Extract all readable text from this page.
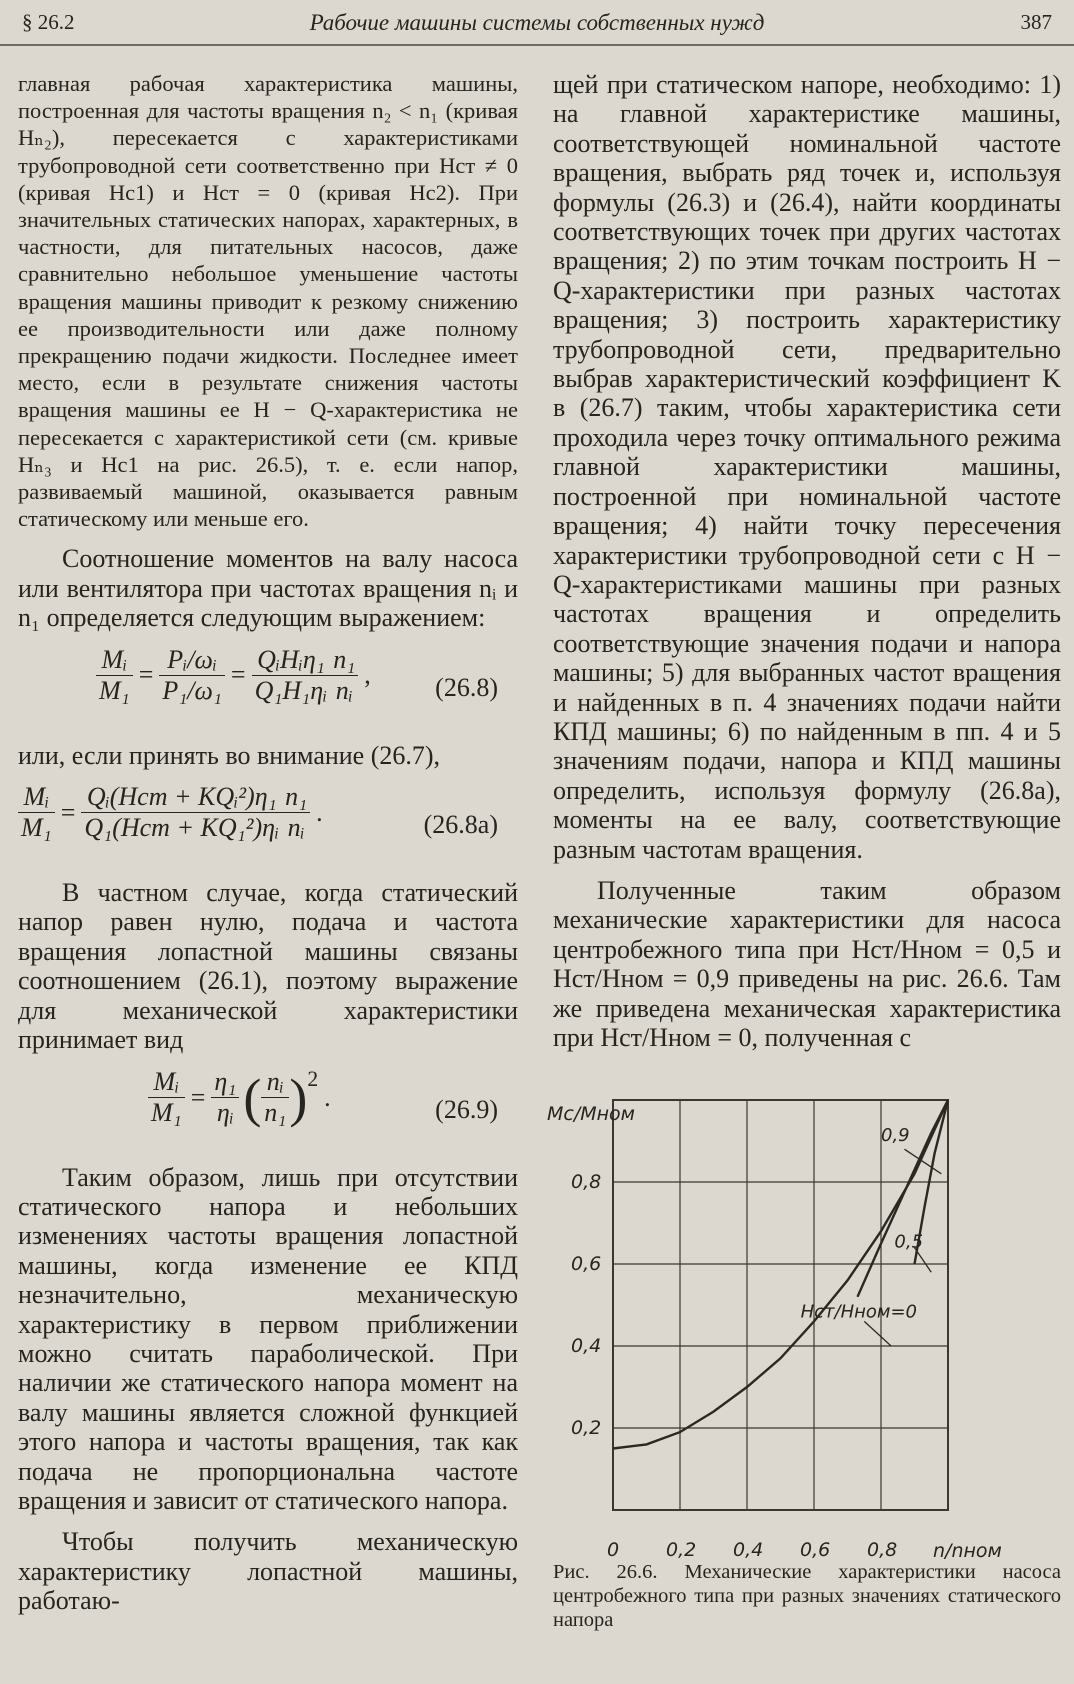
§ 26.2	Рабочие машины системы собственных нужд	387

главная рабочая характеристика машины, построенная для частоты вращения n₂ < n₁ (кривая Hₙ₂), пересекается с характеристиками трубопроводной сети соответственно при Hст ≠ 0 (кривая Hс1) и Hст = 0 (кривая Hс2). При значительных статических напорах, характерных, в частности, для питательных насосов, даже сравнительно небольшое уменьшение частоты вращения машины приводит к резкому снижению ее производительности или даже полному прекращению подачи жидкости. Последнее имеет место, если в результате снижения частоты вращения машины ее H − Q-характеристика не пересекается с характеристикой сети (см. кривые Hₙ₃ и Hс1 на рис. 26.5), т. е. если напор, развиваемый машиной, оказывается равным статическому или меньше его.

Соотношение моментов на валу насоса или вентилятора при частотах вращения nᵢ и n₁ определяется следующим выражением:

$\frac{\text{Mᵢ}}{\text{M₁}} = \frac{\text{Pᵢ/ωᵢ}}{\text{P₁/ω₁}} = \frac{\text{QᵢHᵢη₁}}{\text{Q₁H₁ηᵢ}} \frac{\text{n₁}}{\text{nᵢ}}$ , (26.8)

или, если принять во внимание (26.7),

$\frac{\text{Mᵢ}}{\text{M₁}} = \frac{\text{Qᵢ(Hст + KQᵢ²)η₁}}{\text{Q₁(Hст + KQ₁²)ηᵢ}} \frac{\text{n₁}}{\text{nᵢ}}$ .	(26.8а)

В частном случае, когда статический напор равен нулю, подача и частота вращения лопастной машины связаны соотношением (26.1), поэтому выражение для механической характеристики принимает вид

$\frac{\text{Mᵢ}}{\text{M₁}} = \frac{\text{η₁}}{\text{ηᵢ}}$ ( $\frac{\text{nᵢ}}{\text{n₁}} )^2$.	(26.9)

Таким образом, лишь при отсутствии статического напора и небольших изменениях частоты вращения лопастной машины, когда изменение ее КПД незначительно, механическую характеристику в первом приближении можно считать параболической. При наличии же статического напора момент на валу машины является сложной функцией этого напора и частоты вращения, так как подача не пропорциональна частоте вращения и зависит от статического напора.

Чтобы получить механическую характеристику лопастной машины, работаю-

щей при статическом напоре, необходимо: 1) на главной характеристике машины, соответствующей номинальной частоте вращения, выбрать ряд точек и, используя формулы (26.3) и (26.4), найти координаты соответствующих точек при других частотах вращения; 2) по этим точкам построить H − Q-характеристики при разных частотах вращения; 3) построить характеристику трубопроводной сети, предварительно выбрав характеристический коэффициент K в (26.7) таким, чтобы характеристика сети проходила через точку оптимального режима главной характеристики машины, построенной при номинальной частоте вращения; 4) найти точку пересечения характеристики трубопроводной сети с H − Q-характеристиками машины при разных частотах вращения и определить соответствующие значения подачи и напора машины; 5) для выбранных частот вращения и найденных в п. 4 значениях подачи найти КПД машины; 6) по найденным в пп. 4 и 5 значениям подачи, напора и КПД машины определить, используя формулу (26.8а), моменты на ее валу, соответствующие разным частотам вращения.

Полученные таким образом механические характеристики для насоса центробежного типа при Hст/Hном = 0,5 и Hст/Hном = 0,9 приведены на рис. 26.6. Там же приведена механическая характеристика при Hст/Hном = 0, полученная с

0 0,2 0,4 0,6 0,8
0,2
0,4
0,6
0,8
Mс/Mном
n/nном
Hст/Hном=0
0,5
0,9
Рис. 26.6. Механические характеристики насоса центробежного типа при разных значениях статического напора
